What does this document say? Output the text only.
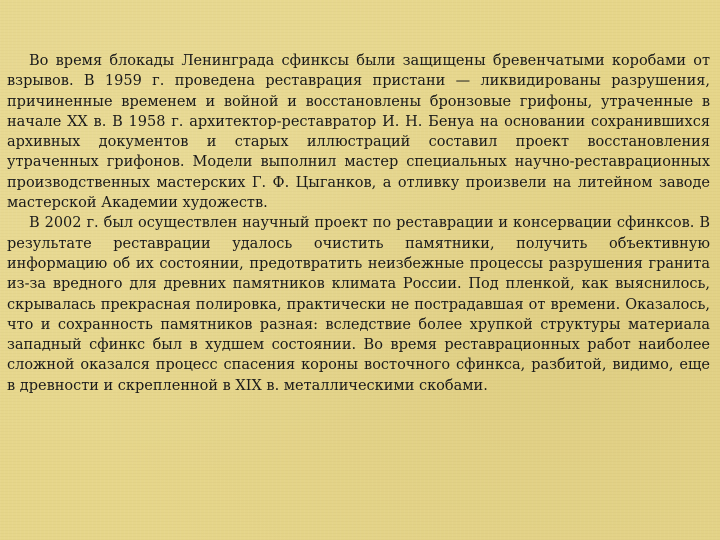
Во время блокады Ленинграда сфинксы были защищены бревенчатыми коробами от взрывов. В 1959 г. проведена реставрация пристани — ликвидированы разрушения, причиненные временем и войной и восстановлены бронзовые грифоны, утраченные в начале XX в. В 1958 г. архитектор-реставратор И. Н. Бенуа на основании сохранившихся архивных документов и старых иллюстраций составил проект восстановления утраченных грифонов. Модели выполнил мастер специальных научно-реставрационных производственных мастерских Г. Ф. Цыганков, а отливку произвели на литейном заводе мастерской Академии художеств.

В 2002 г. был осуществлен научный проект по реставрации и консервации сфинксов. В результате реставрации удалось очистить памятники, получить объективную информацию об их состоянии, предотвратить неизбежные процессы разрушения гранита из-за вредного для древних памятников климата России. Под пленкой, как выяснилось, скрывалась прекрасная полировка, практически не пострадавшая от времени. Оказалось, что и сохранность памятников разная: вследствие более хрупкой структуры материала западный сфинкс был в худшем состоянии. Во время реставрационных работ наиболее сложной оказался процесс спасения короны восточного сфинкса, разбитой, видимо, еще в древности и скрепленной в XIX в. металлическими скобами.
